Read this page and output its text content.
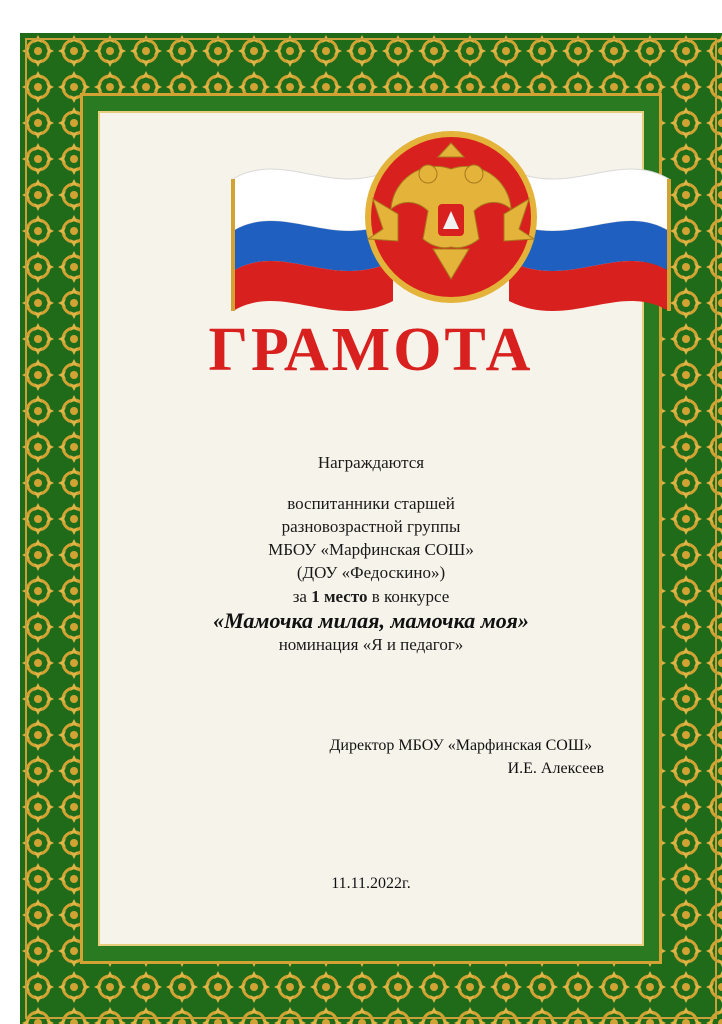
ГРАМОТА
Награждаются
воспитанники старшей
разновозрастной группы
МБОУ «Марфинская СОШ»
(ДОУ «Федоскино»)
за 1 место в конкурсе
«Мамочка милая, мамочка моя»
номинация «Я и педагог»
Директор МБОУ «Марфинская СОШ»
И.Е. Алексеев
11.11.2022г.
